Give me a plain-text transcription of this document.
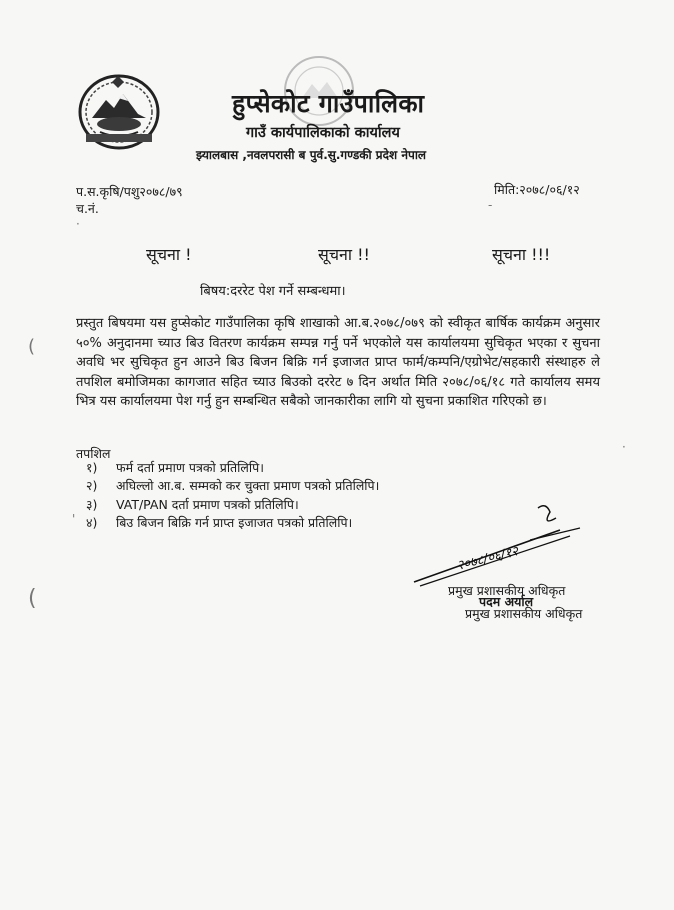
हुप्सेकोट गाउँपालिका
गाउँ कार्यपालिकाको कार्यालय
झ्यालबास ,नवलपरासी ब पुर्व.सु.गण्डकी प्रदेश नेपाल
प.स.कृषि/पशु२०७८/७९
च.नं.
मिति:२०७८/०६/१२
सूचना !	सूचना !!	सूचना !!!
बिषय:दररेट पेश गर्ने सम्बन्धमा।
प्रस्तुत बिषयमा यस हुप्सेकोट गाउँपालिका कृषि शाखाको आ.ब.२०७८/०७९ को स्वीकृत बार्षिक कार्यक्रम अनुसार ५०% अनुदानमा च्याउ बिउ वितरण कार्यक्रम सम्पन्न गर्नु पर्ने भएकोले यस कार्यालयमा सुचिकृत भएका र सुचना अवधि भर सुचिकृत हुन आउने बिउ बिजन बिक्रि गर्न इजाजत प्राप्त फार्म/कम्पनि/एग्रोभेट/सहकारी संस्थाहरु ले तपशिल बमोजिमका कागजात सहित च्याउ बिउको दररेट ७ दिन अर्थात मिति २०७८/०६/१८ गते कार्यालय समय भित्र यस कार्यालयमा पेश गर्नु हुन सम्बन्धित सबैको जानकारीका लागि यो सुचना प्रकाशित गरिएको छ।
तपशिल
१) फर्म दर्ता प्रमाण पत्रको प्रतिलिपि।
२) अघिल्लो आ.ब. सम्मको कर चुक्ता प्रमाण पत्रको प्रतिलिपि।
३) VAT/PAN दर्ता प्रमाण पत्रको प्रतिलिपि।
४) बिउ बिजन बिक्रि गर्न प्राप्त इजाजत पत्रको प्रतिलिपि।
२०७८/०६/१२
प्रमुख प्रशासकीय अधिकृत
पदम अर्याल
प्रमुख प्रशासकीय अधिकृत
(
(
·
-
'
·
